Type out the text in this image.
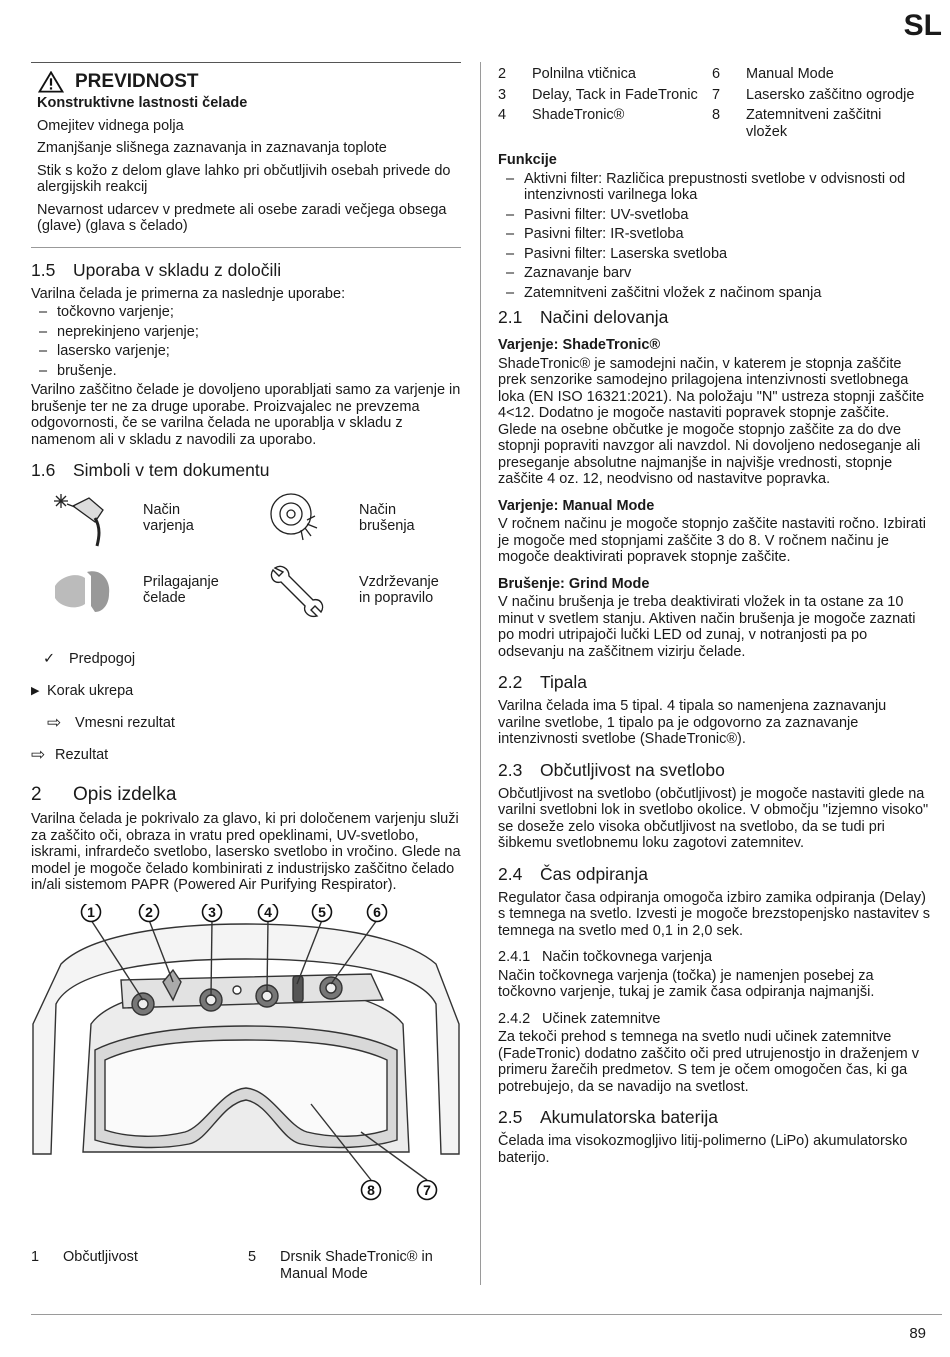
SL
PREVIDNOST
Konstruktivne lastnosti čelade

Omejitev vidnega polja

Zmanjšanje slišnega zaznavanja in zaznavanja toplote

Stik s kožo z delom glave lahko pri občutljivih osebah privede do alergijskih reakcij

Nevarnost udarcev v predmete ali osebe zaradi večjega obsega (glave) (glava s čelado)

1.5 Uporaba v skladu z določili

Varilna čelada je primerna za naslednje uporabe:

– točkovno varjenje;
– neprekinjeno varjenje;
– lasersko varjenje;
– brušenje.

Varilno zaščitno čelade je dovoljeno uporabljati samo za varjenje in brušenje ter ne za druge uporabe. Proizvajalec ne prevzema odgovornosti, če se varilna čelada ne uporablja v skladu z namenom ali v skladu z navodili za uporabo.

1.6 Simboli v tem dokumentu
Način varjenja
Način brušenja
Prilagajanje čelade
Vzdrževanje in popravilo
✓ Predpogoj
▶ Korak ukrepa
⇨ Vmesni rezultat
⇨ Rezultat
2 Opis izdelka

Varilna čelada je pokrivalo za glavo, ki pri določenem varjenju služi za zaščito oči, obraza in vratu pred opeklinami, UV-svetlobo, iskrami, infrardečo svetlobo, lasersko svetlobo in vročino. Glede na model je mogoče čelado kombinirati z industrijsko zaščitno čelado in/ali sistemom PAPR (Powered Air Purifying Respirator).

1	2	3	4	5	6
8	7
1	Občutljivost	5	Drsnik ShadeTronic® in Manual Mode
2	Polnilna vtičnica	6	Manual Mode
3	Delay, Tack in FadeTronic 7	Lasersko zaščitno ogrodje
4	ShadeTronic®	8	Zatemnitveni zaščitni vložek
Funkcije
– Aktivni filter: Različica prepustnosti svetlobe v odvisnosti od intenzivnosti varilnega loka
– Pasivni filter: UV-svetloba
– Pasivni filter: IR-svetloba
– Pasivni filter: Laserska svetloba
– Zaznavanje barv
– Zatemnitveni zaščitni vložek z načinom spanja
2.1 Načini delovanja
Varjenje: ShadeTronic®

ShadeTronic® je samodejni način, v katerem je stopnja zaščite prek senzorike samodejno prilagojena intenzivnosti svetlobnega loka (EN ISO 16321:2021). Na položaju "N" ustreza stopnji zaščite 4<12. Dodatno je mogoče nastaviti popravek stopnje zaščite. Glede na osebne občutke je mogoče stopnjo zaščite za do dve stopnji popraviti navzgor ali navzdol. Ni dovoljeno nedoseganje ali preseganje absolutne najmanjše in najvišje vrednosti, stopnje zaščite 4 oz. 12, neodvisno od nastavitve popravka.

Varjenje: Manual Mode

V ročnem načinu je mogoče stopnjo zaščite nastaviti ročno. Izbirati je mogoče med stopnjami zaščite 3 do 8. V ročnem načinu je mogoče deaktivirati popravek stopnje zaščite.

Brušenje: Grind Mode

V načinu brušenja je treba deaktivirati vložek in ta ostane za 10 minut v svetlem stanju. Aktiven način brušenja je mogoče zaznati po modri utripajoči lučki LED od zunaj, v notranjosti pa po odsevanju na zaščitnem vizirju čelade.

2.2 Tipala

Varilna čelada ima 5 tipal. 4 tipala so namenjena zaznavanju varilne svetlobe, 1 tipalo pa je odgovorno za zaznavanje intenzivnosti svetlobe (ShadeTronic®).

2.3 Občutljivost na svetlobo

Občutljivost na svetlobo (občutljivost) je mogoče nastaviti glede na varilni svetlobni lok in svetlobo okolice. V območju "izjemno visoko" se doseže zelo visoka občutljivost na svetlobo, da se tudi pri šibkemu svetlobnemu loku zagotovi zatemnitev.

2.4 Čas odpiranja

Regulator časa odpiranja omogoča izbiro zamika odpiranja (Delay) s temnega na svetlo. Izvesti je mogoče brezstopenjsko nastavitev s temnega na svetlo med 0,1 in 2,0 sek.

2.4.1 Način točkovnega varjenja

Način točkovnega varjenja (točka) je namenjen posebej za točkovno varjenje, tukaj je zamik časa odpiranja najmanjši.

2.4.2 Učinek zatemnitve

Za tekoči prehod s temnega na svetlo nudi učinek zatemnitve (FadeTronic) dodatno zaščito oči pred utrujenostjo in draženjem v primeru žarečih predmetov. S tem je očem omogočen čas, ki ga potrebujejo, da se navadijo na svetlost.

2.5 Akumulatorska baterija

Čelada ima visokozmogljivo litij-polimerno (LiPo) akumulatorsko baterijo.

89
